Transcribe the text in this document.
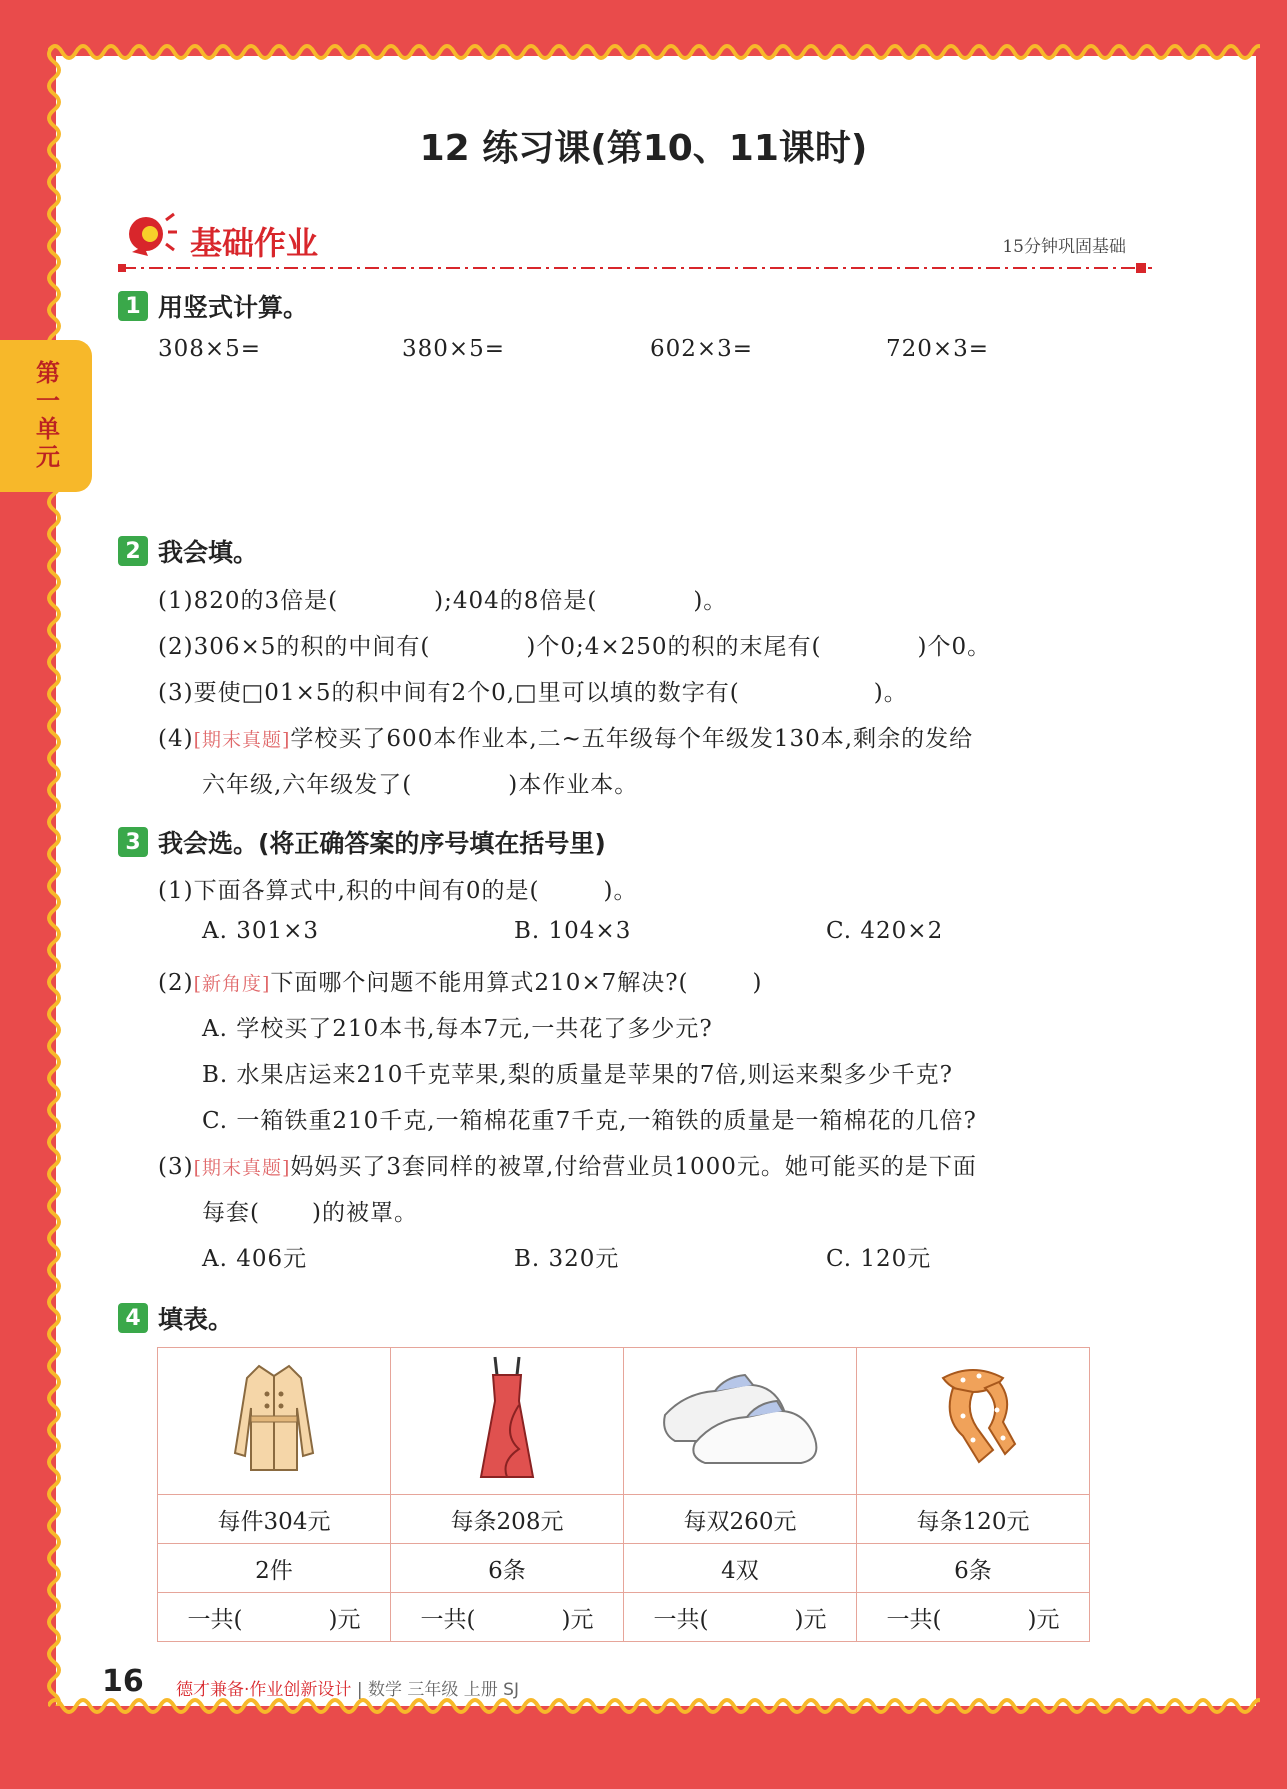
第一单元
12 练习课(第10、11课时)
基础作业	15分钟巩固基础
1 用竖式计算。
308×5=	380×5=	602×3=	720×3=
2 我会填。
(1)820的3倍是(	);404的8倍是(	)。
(2)306×5的积的中间有(	)个0;4×250的积的末尾有(	)个0。
(3)要使□01×5的积中间有2个0,□里可以填的数字有(	)。
(4)[期末真题]学校买了600本作业本,二~五年级每个年级发130本,剩余的发给
六年级,六年级发了(	)本作业本。
3 我会选。(将正确答案的序号填在括号里)
(1)下面各算式中,积的中间有0的是(	)。
A. 301×3	B. 104×3	C. 420×2
(2)[新角度]下面哪个问题不能用算式210×7解决?(	)
A. 学校买了210本书,每本7元,一共花了多少元?
B. 水果店运来210千克苹果,梨的质量是苹果的7倍,则运来梨多少千克?
C. 一箱铁重210千克,一箱棉花重7千克,一箱铁的质量是一箱棉花的几倍?
(3)[期末真题]妈妈买了3套同样的被罩,付给营业员1000元。她可能买的是下面
每套( )的被罩。
A. 406元	B. 320元	C. 120元
4 填表。

每件304元	每条208元	每双260元	每条120元
2件	6条	4双	6条
一共( )元	一共( )元	一共( )元	一共( )元
16 德才兼备·作业创新设计 | 数学 三年级 上册 SJ
